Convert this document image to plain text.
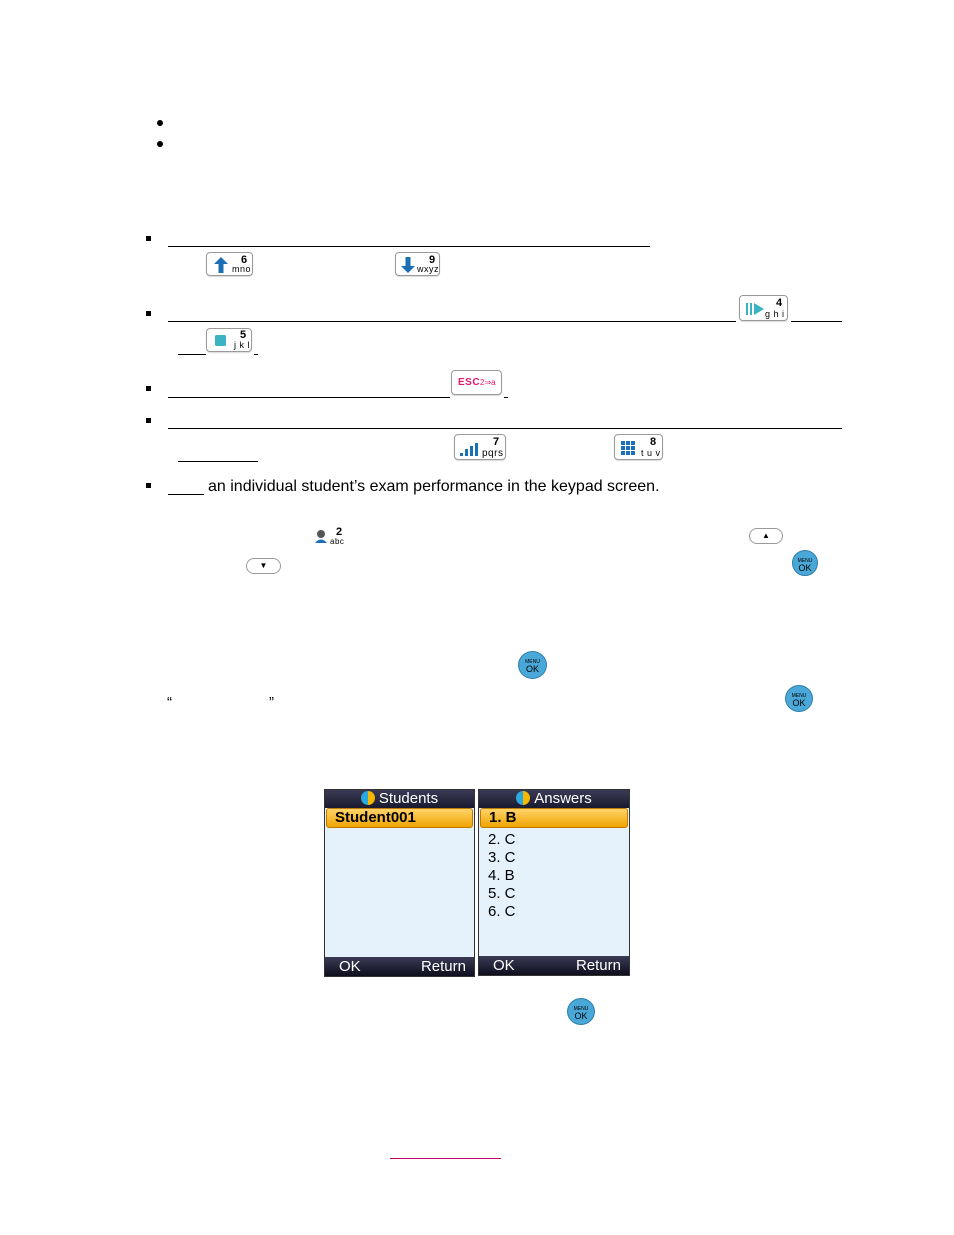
6
mno
9
wxyz
4
g h i
5
j k l
ESC 2⇒a
7
pqrs
8
t u v
an individual student’s exam performance in the keypad screen.
2
abc
▲
▼	MENU
OK
MENU
OK
“	”	MENU
OK
Students
Student001
OK	Return
Answers
1. B
2. C
3. C
4. B
5. C
6. C
OK	Return
MENU
OK
